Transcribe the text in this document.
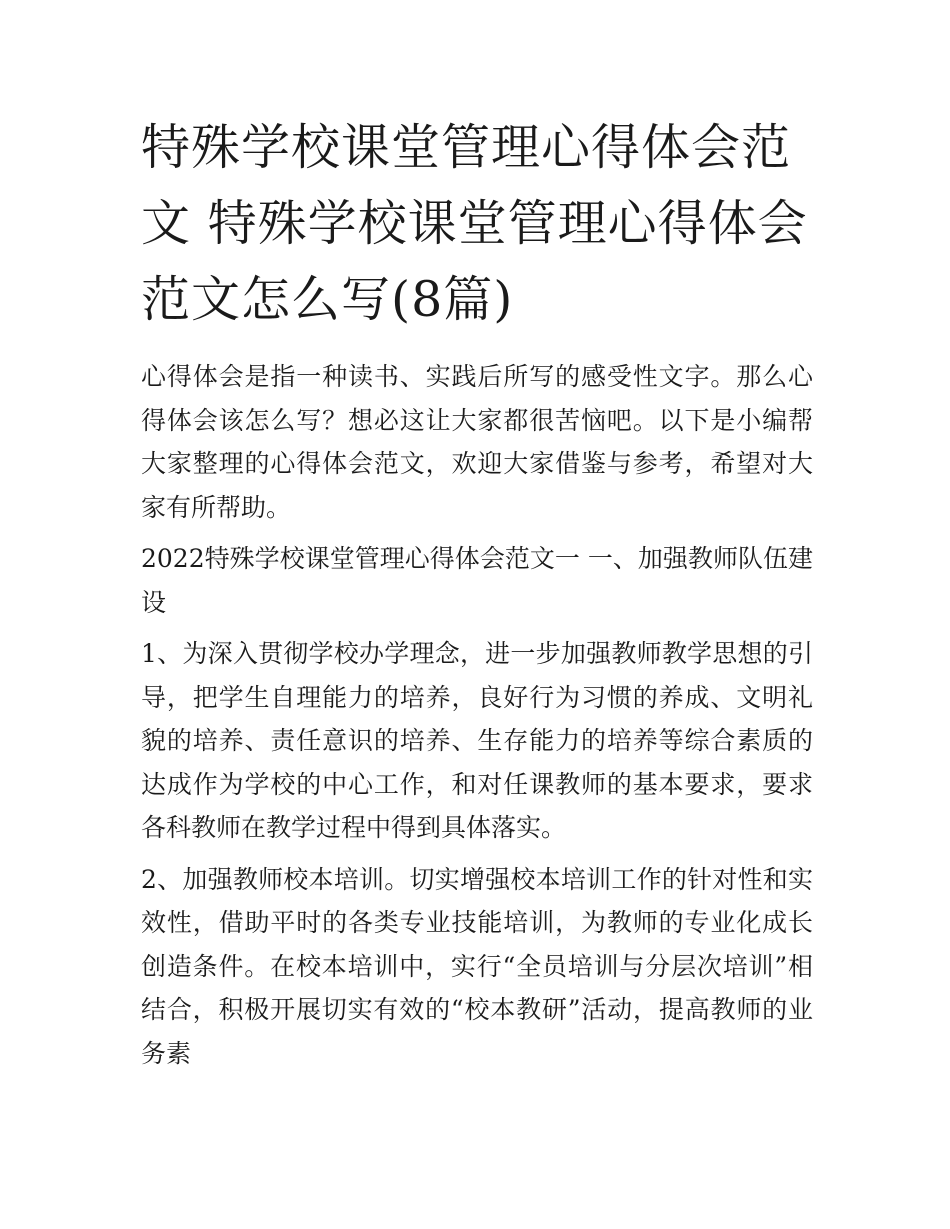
特殊学校课堂管理心得体会范文 特殊学校课堂管理心得体会范文怎么写(8篇)

心得体会是指一种读书、实践后所写的感受性文字。那么心得体会该怎么写？想必这让大家都很苦恼吧。以下是小编帮大家整理的心得体会范文，欢迎大家借鉴与参考，希望对大家有所帮助。

2022特殊学校课堂管理心得体会范文一 一、加强教师队伍建设

1、为深入贯彻学校办学理念，进一步加强教师教学思想的引导，把学生自理能力的培养，良好行为习惯的养成、文明礼貌的培养、责任意识的培养、生存能力的培养等综合素质的达成作为学校的中心工作，和对任课教师的基本要求，要求各科教师在教学过程中得到具体落实。

2、加强教师校本培训。切实增强校本培训工作的针对性和实效性，借助平时的各类专业技能培训，为教师的专业化成长创造条件。在校本培训中，实行“全员培训与分层次培训”相结合，积极开展切实有效的“校本教研”活动，提高教师的业务素
